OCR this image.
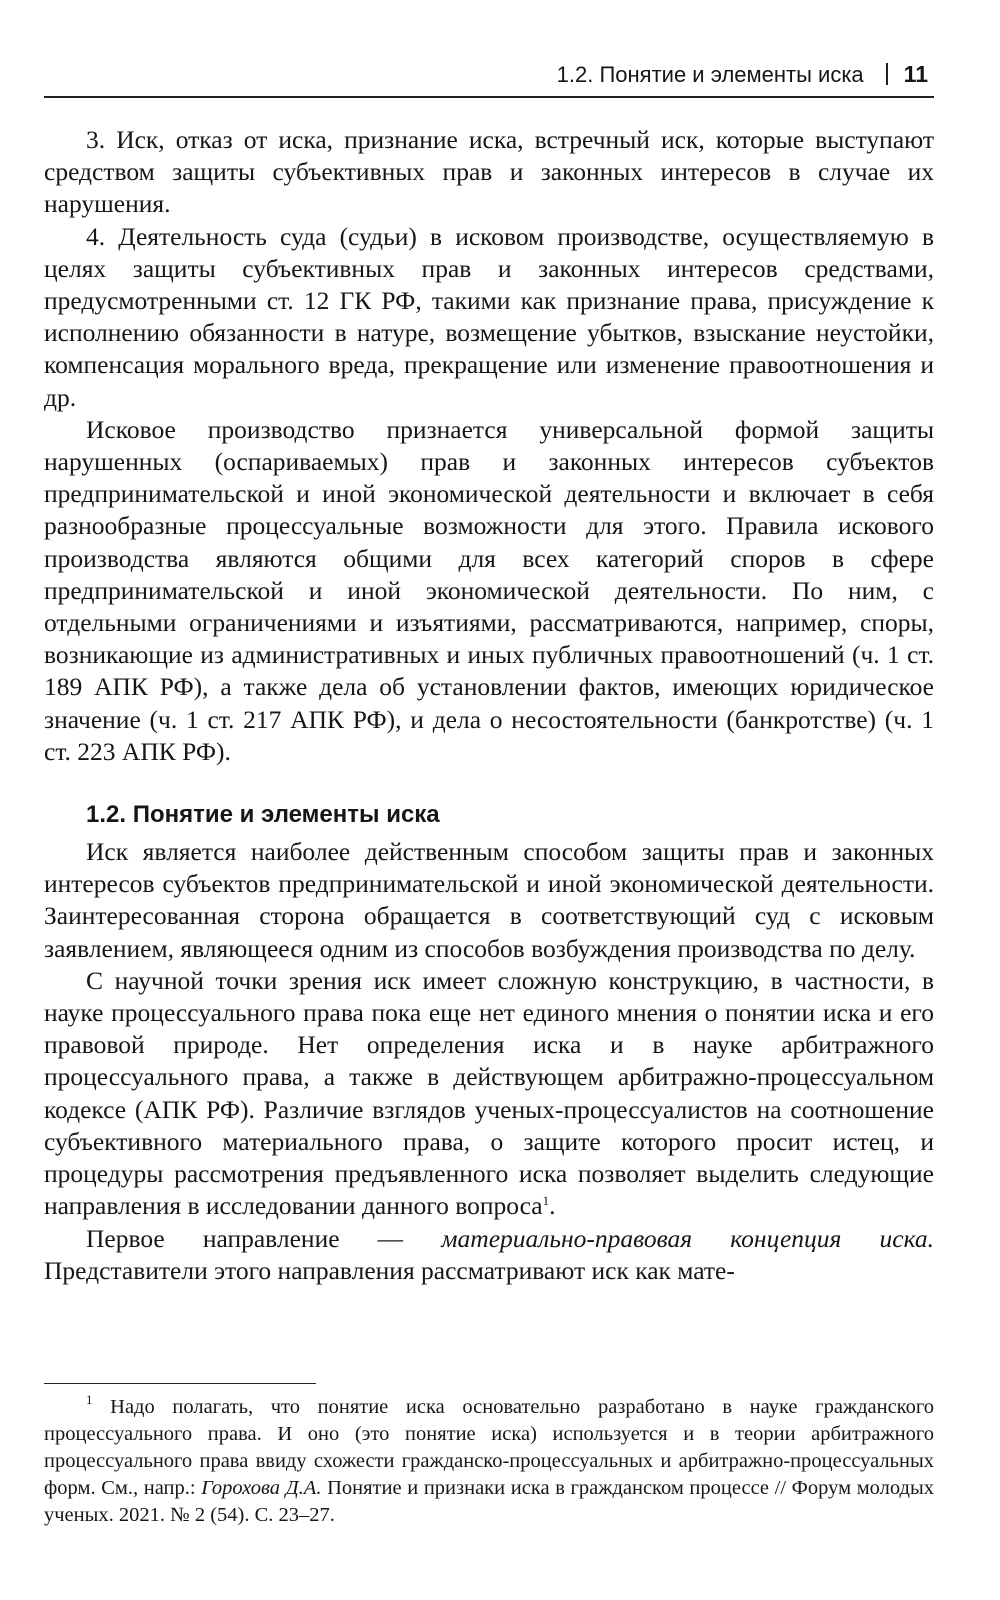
1.2. Понятие и элементы иска 11

3. Иск, отказ от иска, признание иска, встречный иск, которые выступают средством защиты субъективных прав и законных интересов в случае их нарушения.

4. Деятельность суда (судьи) в исковом производстве, осуществляемую в целях защиты субъективных прав и законных интересов средствами, предусмотренными ст. 12 ГК РФ, такими как признание права, присуждение к исполнению обязанности в натуре, возмещение убытков, взыскание неустойки, компенсация морального вреда, прекращение или изменение правоотношения и др.

Исковое производство признается универсальной формой защиты нарушенных (оспариваемых) прав и законных интересов субъектов предпринимательской и иной экономической деятельности и включает в себя разнообразные процессуальные возможности для этого. Правила искового производства являются общими для всех категорий споров в сфере предпринимательской и иной экономической деятельности. По ним, с отдельными ограничениями и изъятиями, рассматриваются, например, споры, возникающие из административных и иных публичных правоотношений (ч. 1 ст. 189 АПК РФ), а также дела об установлении фактов, имеющих юридическое значение (ч. 1 ст. 217 АПК РФ), и дела о несостоятельности (банкротстве) (ч. 1 ст. 223 АПК РФ).

1.2. Понятие и элементы иска

Иск является наиболее действенным способом защиты прав и законных интересов субъектов предпринимательской и иной экономической деятельности. Заинтересованная сторона обращается в соответствующий суд с исковым заявлением, являющееся одним из способов возбуждения производства по делу.

С научной точки зрения иск имеет сложную конструкцию, в частности, в науке процессуального права пока еще нет единого мнения о понятии иска и его правовой природе. Нет определения иска и в науке арбитражного процессуального права, а также в действующем арбитражно-процессуальном кодексе (АПК РФ). Различие взглядов ученых-процессуалистов на соотношение субъективного материального права, о защите которого просит истец, и процедуры рассмотрения предъявленного иска позволяет выделить следующие направления в исследовании данного вопроса$^1$.

Первое направление — материально-правовая концепция иска. Представители этого направления рассматривают иск как мате-

$^1$ Надо полагать, что понятие иска основательно разработано в науке гражданского процессуального права. И оно (это понятие иска) используется и в теории арбитражного процессуального права ввиду схожести гражданско-процессуальных и арбитражно-процессуальных форм. См., напр.: Горохова Д.А. Понятие и признаки иска в гражданском процессе // Форум молодых ученых. 2021. № 2 (54). С. 23–27.
